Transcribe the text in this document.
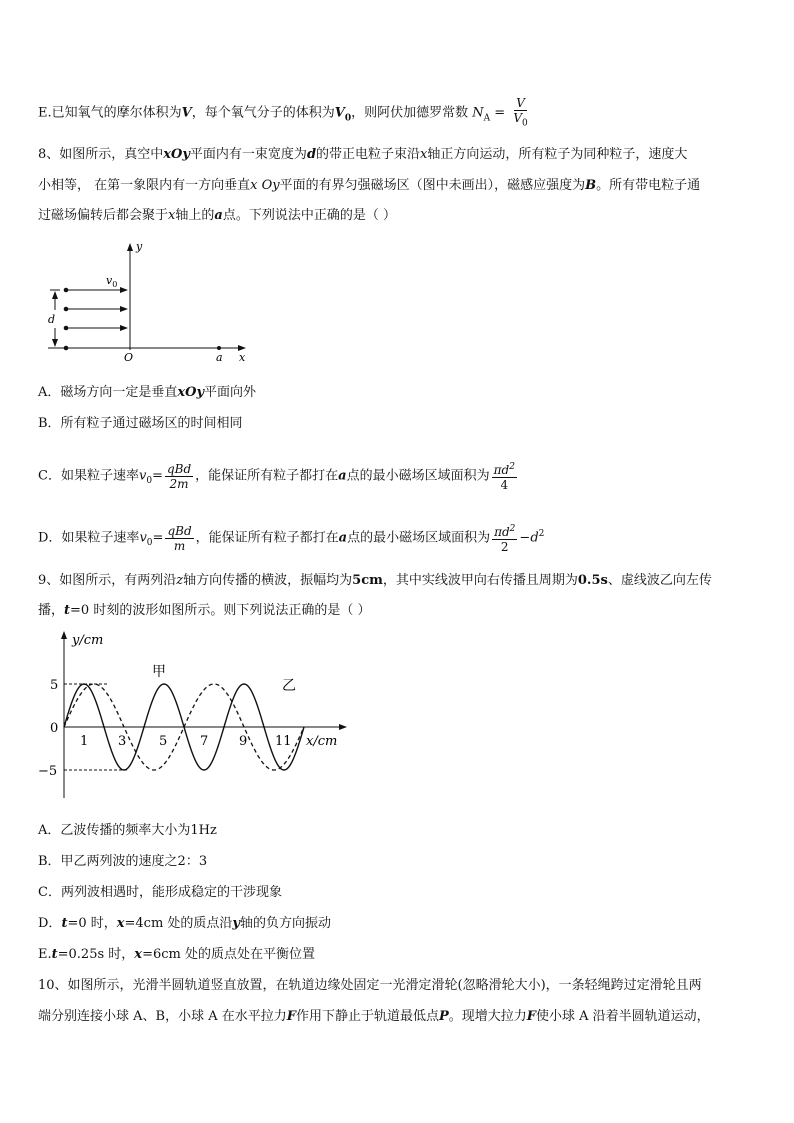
E.已知氧气的摩尔体积为V，每个氧气分子的体积为$V_0$，则阿伏加德罗常数 $N_A = \frac{V}{V_0}$
8、如图所示，真空中xOy平面内有一束宽度为d的带正电粒子束沿x轴正方向运动，所有粒子为同种粒子，速度大
小相等， 在第一象限内有一方向垂直x Oy平面的有界匀强磁场区（图中未画出），磁感应强度为B。所有带电粒子通
过磁场偏转后都会聚于x轴上的a点。下列说法中正确的是（ ）
y
x
O	a
$v_0$
d
A．磁场方向一定是垂直xOy平面向外
B．所有粒子通过磁场区的时间相同
C．如果粒子速率$v_0= \frac{\text{qBd}}{2m}$ ，能保证所有粒子都打在a点的最小磁场区域面积为 $\frac{\pi d^2}{4}$
D．如果粒子速率$v_0= \frac{\text{qBd}}{m}$ ，能保证所有粒子都打在a点的最小磁场区域面积为 $\frac{\pi d^2}{2} -d^2$
9、如图所示，有两列沿z轴方向传播的横波，振幅均为5cm，其中实线波甲向右传播且周期为0.5s、虚线波乙向左传
播，t=0 时刻的波形如图所示。则下列说法正确的是（ ）
y/cm
x/cm
5
0
−5
1 3	5	7 9 11
甲
乙
A．乙波传播的频率大小为1Hz
B．甲乙两列波的速度之2：3
C．两列波相遇时，能形成稳定的干涉现象
D．t=0 时，x=4cm 处的质点沿y轴的负方向振动
E.t=0.25s 时，x=6cm 处的质点处在平衡位置
10、如图所示，光滑半圆轨道竖直放置，在轨道边缘处固定一光滑定滑轮(忽略滑轮大小)，一条轻绳跨过定滑轮且两
端分别连接小球 A、B，小球 A 在水平拉力F作用下静止于轨道最低点P。现增大拉力F使小球 A 沿着半圆轨道运动，
